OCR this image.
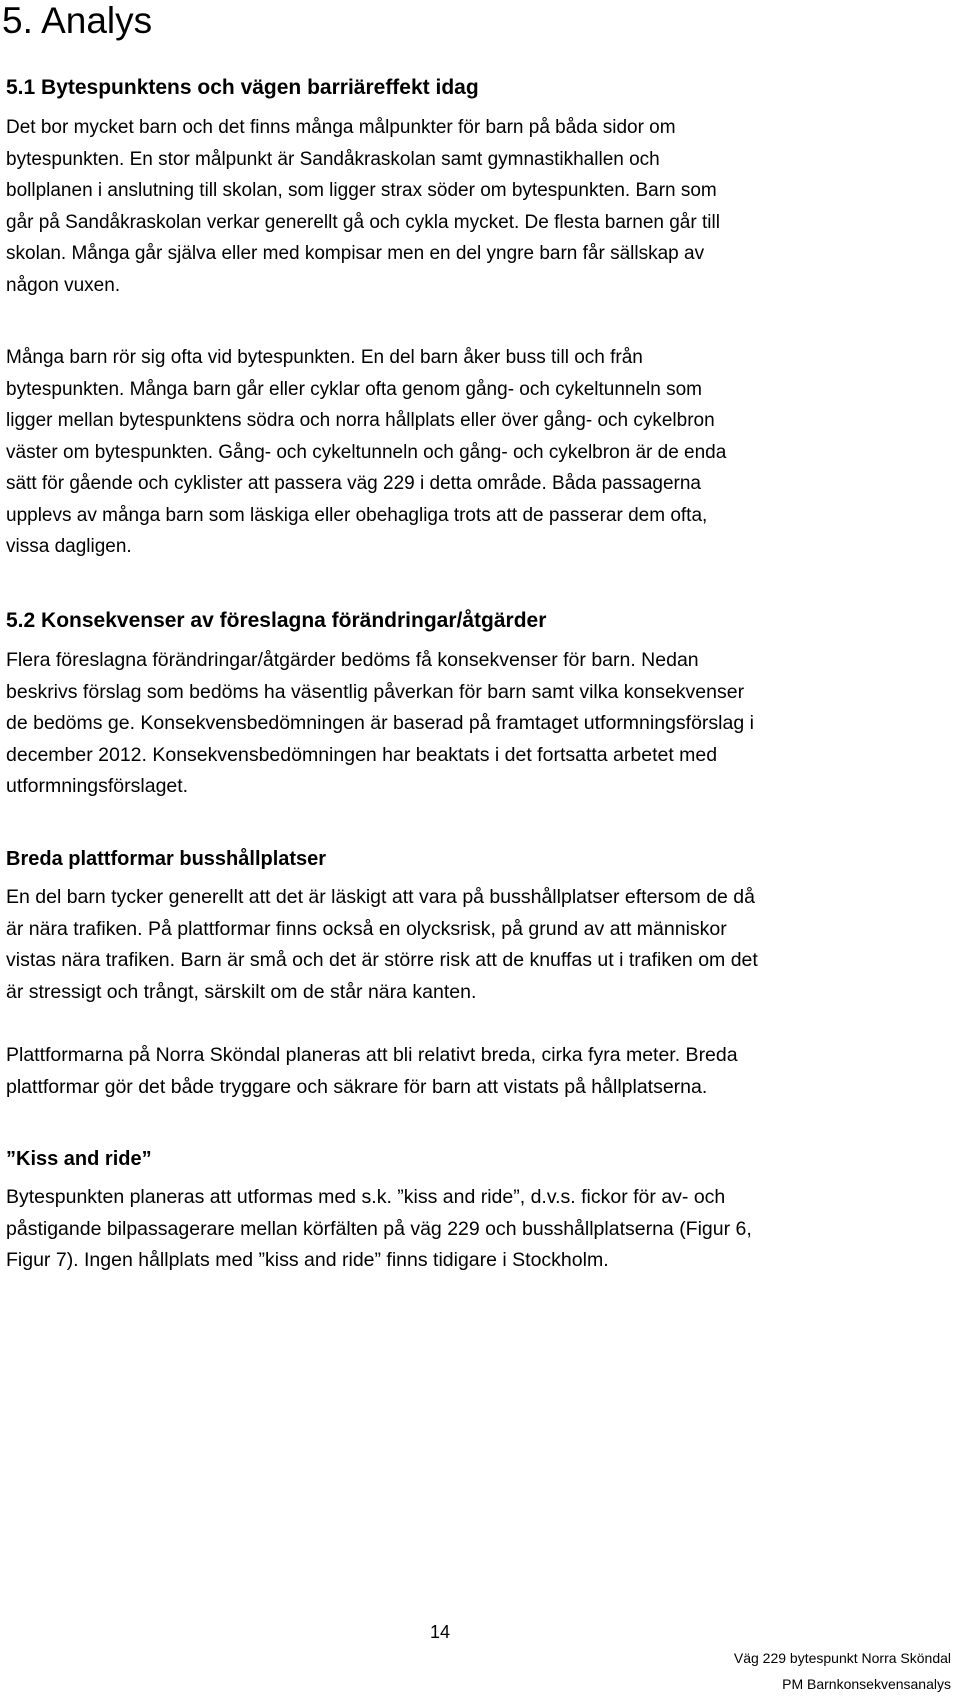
5. Analys
5.1 Bytespunktens och vägen barriäreffekt idag

Det bor mycket barn och det finns många målpunkter för barn på båda sidor om
bytespunkten. En stor målpunkt är Sandåkraskolan samt gymnastikhallen och
bollplanen i anslutning till skolan, som ligger strax söder om bytespunkten. Barn som
går på Sandåkraskolan verkar generellt gå och cykla mycket. De flesta barnen går till
skolan. Många går själva eller med kompisar men en del yngre barn får sällskap av
någon vuxen.

Många barn rör sig ofta vid bytespunkten. En del barn åker buss till och från
bytespunkten. Många barn går eller cyklar ofta genom gång- och cykeltunneln som
ligger mellan bytespunktens södra och norra hållplats eller över gång- och cykelbron
väster om bytespunkten. Gång- och cykeltunneln och gång- och cykelbron är de enda
sätt för gående och cyklister att passera väg 229 i detta område. Båda passagerna
upplevs av många barn som läskiga eller obehagliga trots att de passerar dem ofta,
vissa dagligen.

5.2 Konsekvenser av föreslagna förändringar/åtgärder

Flera föreslagna förändringar/åtgärder bedöms få konsekvenser för barn. Nedan
beskrivs förslag som bedöms ha väsentlig påverkan för barn samt vilka konsekvenser
de bedöms ge. Konsekvensbedömningen är baserad på framtaget utformningsförslag i
december 2012. Konsekvensbedömningen har beaktats i det fortsatta arbetet med
utformningsförslaget.

Breda plattformar busshållplatser

En del barn tycker generellt att det är läskigt att vara på busshållplatser eftersom de då
är nära trafiken. På plattformar finns också en olycksrisk, på grund av att människor
vistas nära trafiken. Barn är små och det är större risk att de knuffas ut i trafiken om det
är stressigt och trångt, särskilt om de står nära kanten.

Plattformarna på Norra Sköndal planeras att bli relativt breda, cirka fyra meter. Breda
plattformar gör det både tryggare och säkrare för barn att vistats på hållplatserna.

”Kiss and ride”

Bytespunkten planeras att utformas med s.k. ”kiss and ride”, d.v.s. fickor för av- och
påstigande bilpassagerare mellan körfälten på väg 229 och busshållplatserna (Figur 6,
Figur 7). Ingen hållplats med ”kiss and ride” finns tidigare i Stockholm.

14

Väg 229 bytespunkt Norra Sköndal
PM Barnkonsekvensanalys
